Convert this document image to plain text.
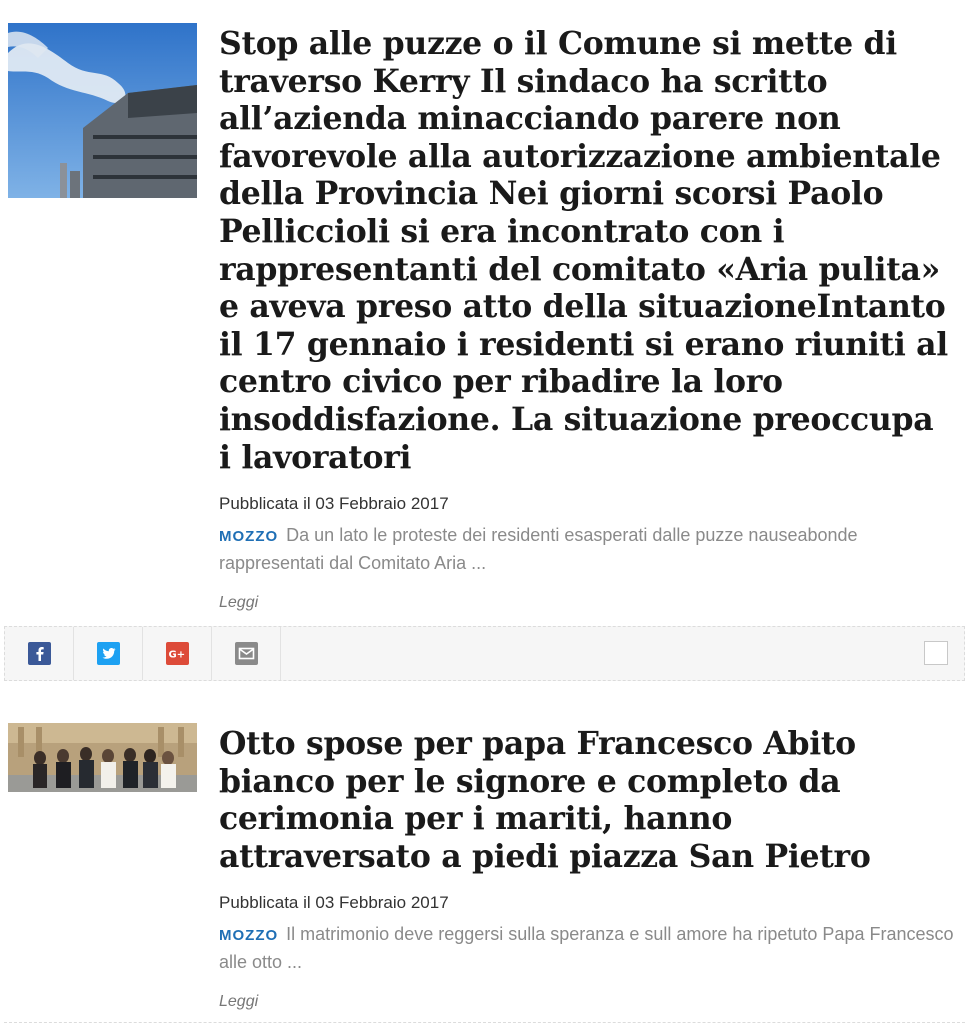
Stop alle puzze o il Comune si mette di traverso Kerry Il sindaco ha scritto all’azienda minacciando parere non favorevole alla autorizzazione ambientale della Provincia Nei giorni scorsi Paolo Pelliccioli si era incontrato con i rappresentanti del comitato «Aria pulita» e aveva preso atto della situazioneIntanto il 17 gennaio i residenti si erano riuniti al centro civico per ribadire la loro insoddisfazione. La situazione preoccupa i lavoratori
Pubblicata il 03 Febbraio 2017
MOZZO Da un lato le proteste dei residenti esasperati dalle puzze nauseabonde rappresentati dal Comitato Aria ...
Leggi
G+
Otto spose per papa Francesco Abito bianco per le signore e completo da cerimonia per i mariti, hanno attraversato a piedi piazza San Pietro
Pubblicata il 03 Febbraio 2017
MOZZO Il matrimonio deve reggersi sulla speranza e sull amore ha ripetuto Papa Francesco alle otto ...
Leggi
